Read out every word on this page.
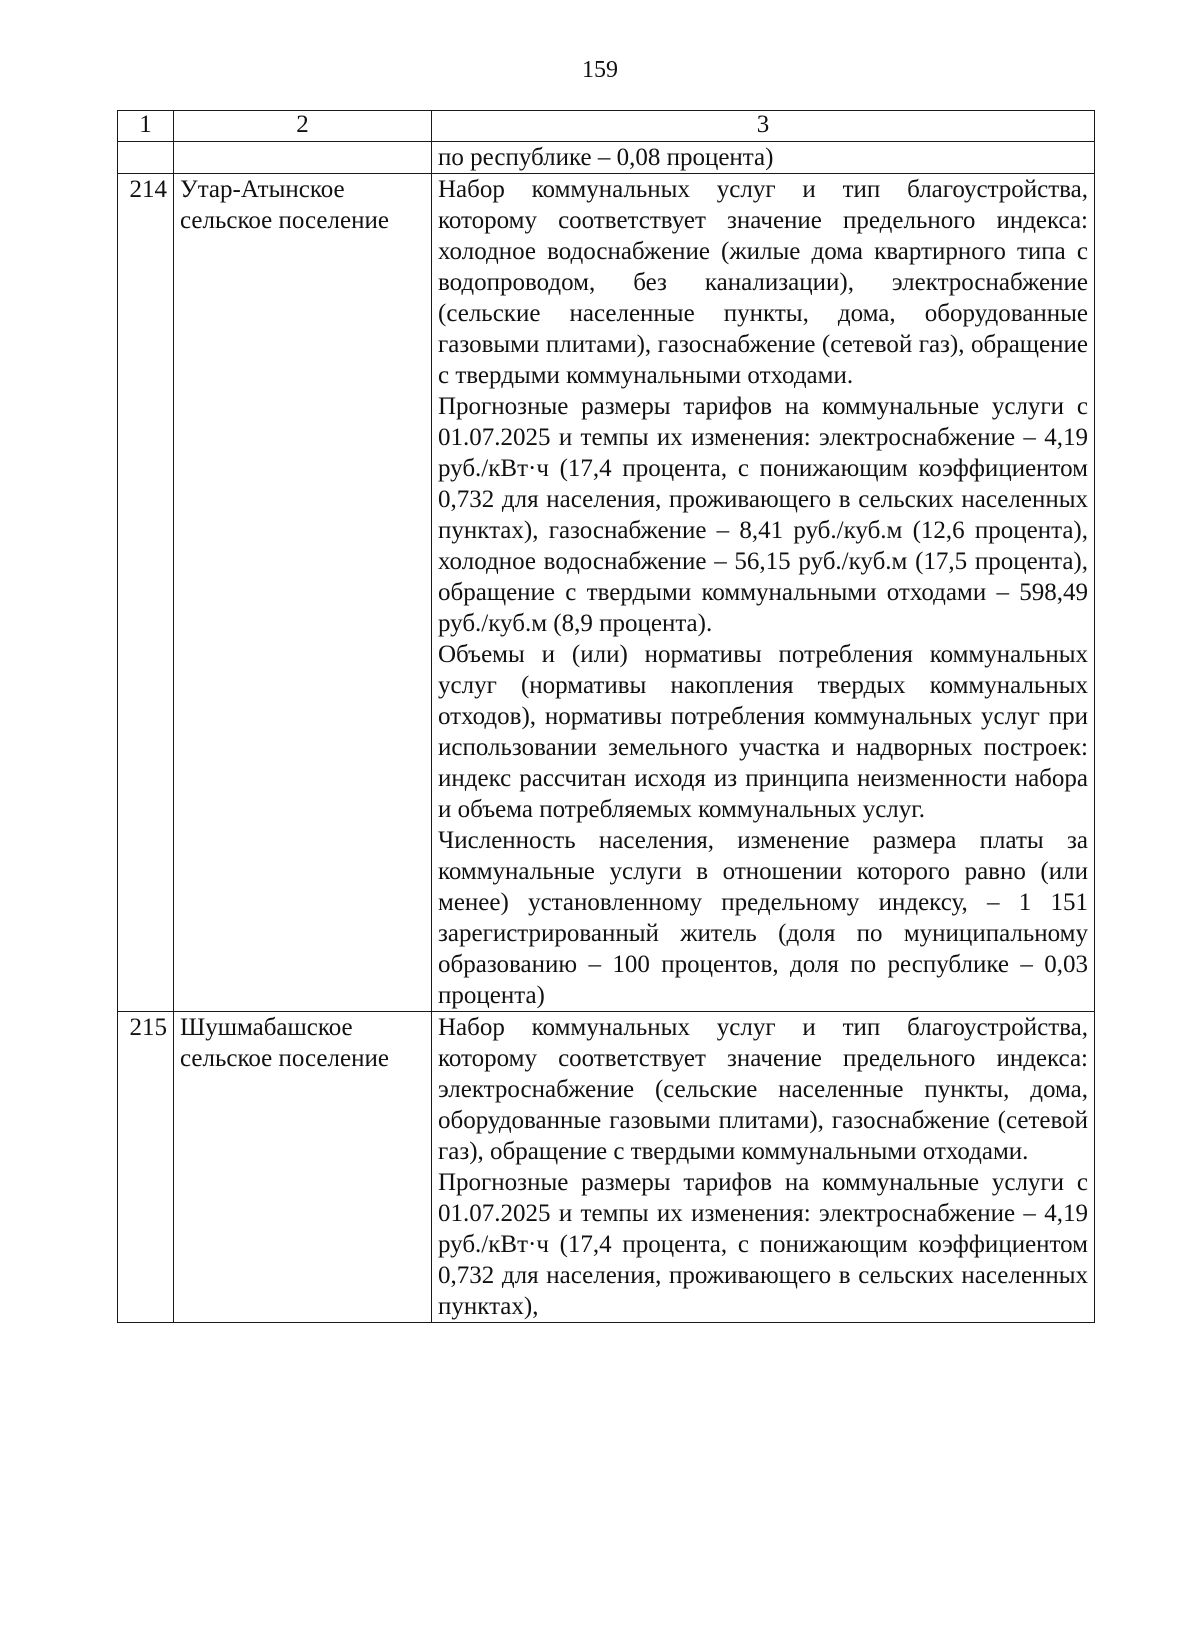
159
1	2	3
		по республике – 0,08 процента)
214	Утар-Атынское сельское поселение	Набор коммунальных услуг и тип благоустройства, которому соответствует значение предельного индекса: холодное водоснабжение (жилые дома квартирного типа с водопроводом, без канализации), электроснабжение (сельские населенные пункты, дома, оборудованные газовыми плитами), газоснабжение (сетевой газ), обращение с твердыми коммунальными отходами.

Прогнозные размеры тарифов на коммунальные услуги с 01.07.2025 и темпы их изменения: электроснабжение – 4,19 руб./кВт·ч (17,4 процента, с понижающим коэффициентом 0,732 для населения, проживающего в сельских населенных пунктах), газоснабжение – 8,41 руб./куб.м (12,6 процента), холодное водоснабжение – 56,15 руб./куб.м (17,5 процента), обращение с твердыми коммунальными отходами – 598,49 руб./куб.м (8,9 процента).

Объемы и (или) нормативы потребления коммунальных услуг (нормативы накопления твердых коммунальных отходов), нормативы потребления коммунальных услуг при использовании земельного участка и надворных построек: индекс рассчитан исходя из принципа неизменности набора и объема потребляемых коммунальных услуг.

Численность населения, изменение размера платы за коммунальные услуги в отношении которого равно (или менее) установленному предельному индексу, – 1 151 зарегистрированный житель (доля по муниципальному образованию – 100 процентов, доля по республике – 0,03 процента)

215	Шушмабашское сельское поселение	Набор коммунальных услуг и тип благоустройства, которому соответствует значение предельного индекса: электроснабжение (сельские населенные пункты, дома, оборудованные газовыми плитами), газоснабжение (сетевой газ), обращение с твердыми коммунальными отходами.

Прогнозные размеры тарифов на коммунальные услуги с 01.07.2025 и темпы их изменения: электроснабжение – 4,19 руб./кВт·ч (17,4 процента, с понижающим коэффициентом 0,732 для населения, проживающего в сельских населенных пунктах),
